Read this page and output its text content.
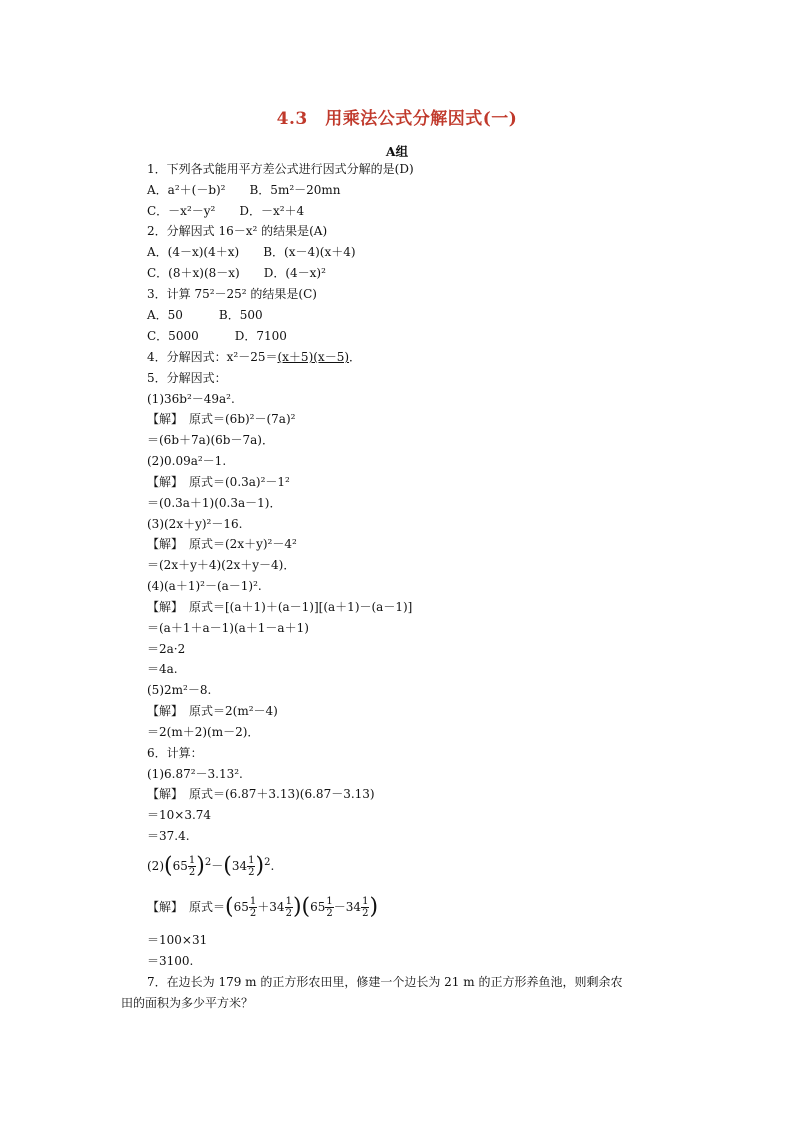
4.3　用乘法公式分解因式(一)
A组
1．下列各式能用平方差公式进行因式分解的是(D)
A．a²＋(－b)²　　B．5m²－20mn
C．－x²－y²　　D．－x²＋4
2．分解因式 16－x² 的结果是(A)
A．(4－x)(4＋x)　　B．(x－4)(x＋4)
C．(8＋x)(8－x)　　D．(4－x)²
3．计算 75²－25² 的结果是(C)
A．50　　　B．500
C．5000　　　D．7100
4．分解因式：x²－25＝(x＋5)(x－5)．
5．分解因式：
(1)36b²－49a².
【解】　原式＝(6b)²－(7a)²
＝(6b＋7a)(6b－7a)．
(2)0.09a²－1.
【解】　原式＝(0.3a)²－1²
＝(0.3a＋1)(0.3a－1)．
(3)(2x＋y)²－16.
【解】　原式＝(2x＋y)²－4²
＝(2x＋y＋4)(2x＋y－4)．
(4)(a＋1)²－(a－1)².
【解】　原式＝[(a＋1)＋(a－1)][(a＋1)－(a－1)]
＝(a＋1＋a－1)(a＋1－a＋1)
＝2a·2
＝4a.
(5)2m²－8.
【解】　原式＝2(m²－4)
＝2(m＋2)(m－2)．
6．计算：
(1)6.87²－3.13².
【解】　原式＝(6.87＋3.13)(6.87－3.13)
＝10×3.74
＝37.4.
$(2)(65 \frac{1}{2} )^2-(34 \frac{1}{2} )^2$.
【解】　原式$=(65 \frac{1}{2} +34 \frac{1}{2} )(65 \frac{1}{2} -34 \frac{1}{2}$ )
＝100×31
＝3100.
7．在边长为 179 m 的正方形农田里，修建一个边长为 21 m 的正方形养鱼池，则剩余农
田的面积为多少平方米？
